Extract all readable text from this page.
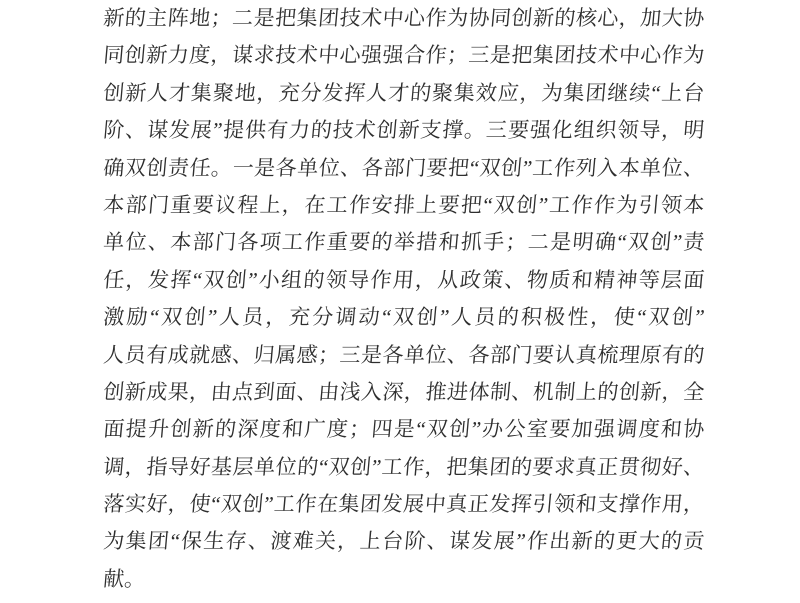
新的主阵地；二是把集团技术中心作为协同创新的核心，加大协
同创新力度，谋求技术中心强强合作；三是把集团技术中心作为
创新人才集聚地，充分发挥人才的聚集效应，为集团继续“上台
阶、谋发展”提供有力的技术创新支撑。三要强化组织领导，明
确双创责任。一是各单位、各部门要把“双创”工作列入本单位、
本部门重要议程上，在工作安排上要把“双创”工作作为引领本
单位、本部门各项工作重要的举措和抓手；二是明确“双创”责
任，发挥“双创”小组的领导作用，从政策、物质和精神等层面
激励“双创”人员，充分调动“双创”人员的积极性，使“双创”
人员有成就感、归属感；三是各单位、各部门要认真梳理原有的
创新成果，由点到面、由浅入深，推进体制、机制上的创新，全
面提升创新的深度和广度；四是“双创”办公室要加强调度和协
调，指导好基层单位的“双创”工作，把集团的要求真正贯彻好、
落实好，使“双创”工作在集团发展中真正发挥引领和支撑作用，
为集团“保生存、渡难关，上台阶、谋发展”作出新的更大的贡
献。
